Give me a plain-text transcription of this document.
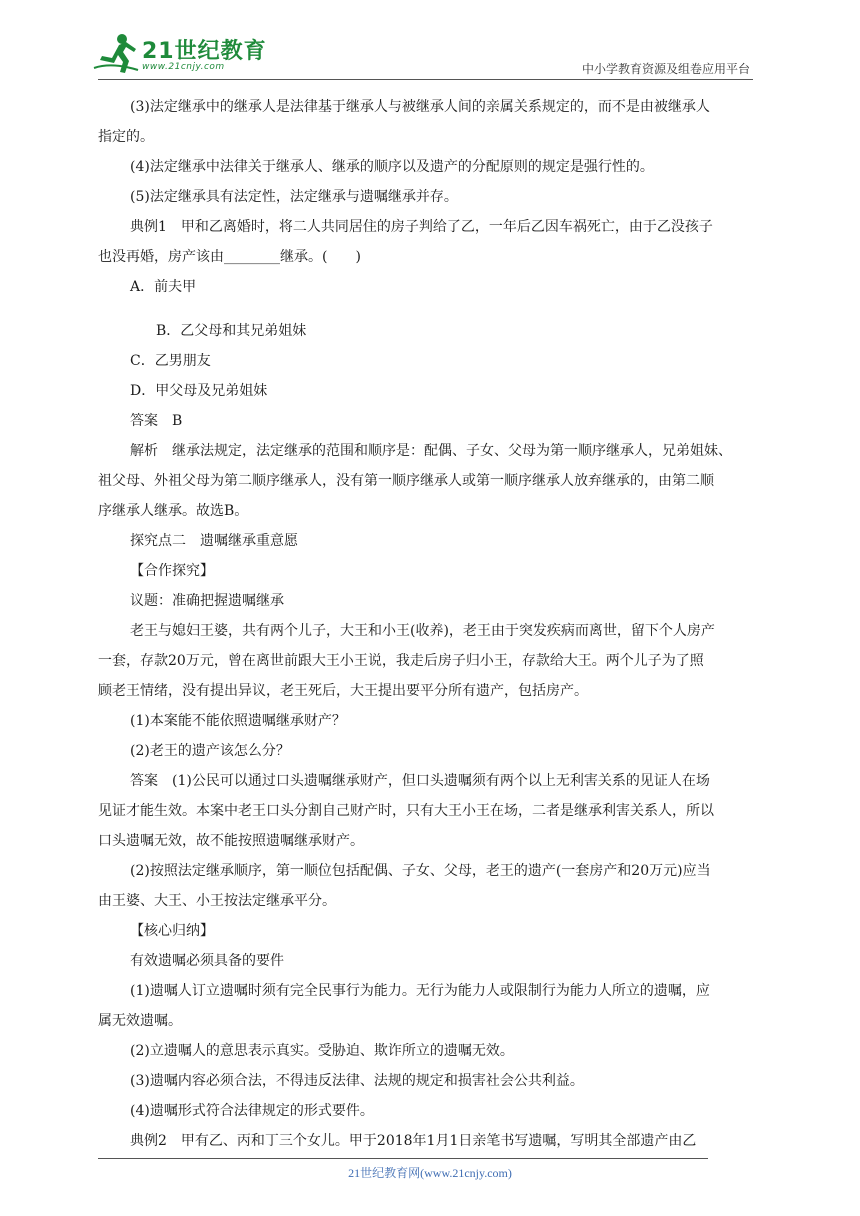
21世纪教育
www.21cnjy.com	中小学教育资源及组卷应用平台
(3)法定继承中的继承人是法律基于继承人与被继承人间的亲属关系规定的，而不是由被继承人
指定的。
(4)法定继承中法律关于继承人、继承的顺序以及遗产的分配原则的规定是强行性的。
(5)法定继承具有法定性，法定继承与遗嘱继承并存。
典例1　甲和乙离婚时，将二人共同居住的房子判给了乙，一年后乙因车祸死亡，由于乙没孩子
也没再婚，房产该由________继承。(　　)
A．前夫甲
B．乙父母和其兄弟姐妹
C．乙男朋友
D．甲父母及兄弟姐妹
答案　B
解析　继承法规定，法定继承的范围和顺序是：配偶、子女、父母为第一顺序继承人，兄弟姐妹、
祖父母、外祖父母为第二顺序继承人，没有第一顺序继承人或第一顺序继承人放弃继承的，由第二顺
序继承人继承。故选B。
探究点二　遗嘱继承重意愿
【合作探究】
议题：准确把握遗嘱继承
老王与媳妇王婆，共有两个儿子，大王和小王(收养)，老王由于突发疾病而离世，留下个人房产
一套，存款20万元，曾在离世前跟大王小王说，我走后房子归小王，存款给大王。两个儿子为了照
顾老王情绪，没有提出异议，老王死后，大王提出要平分所有遗产，包括房产。
(1)本案能不能依照遗嘱继承财产？
(2)老王的遗产该怎么分？
答案　(1)公民可以通过口头遗嘱继承财产，但口头遗嘱须有两个以上无利害关系的见证人在场
见证才能生效。本案中老王口头分割自己财产时，只有大王小王在场，二者是继承利害关系人，所以
口头遗嘱无效，故不能按照遗嘱继承财产。
(2)按照法定继承顺序，第一顺位包括配偶、子女、父母，老王的遗产(一套房产和20万元)应当
由王婆、大王、小王按法定继承平分。
【核心归纳】
有效遗嘱必须具备的要件
(1)遗嘱人订立遗嘱时须有完全民事行为能力。无行为能力人或限制行为能力人所立的遗嘱，应
属无效遗嘱。
(2)立遗嘱人的意思表示真实。受胁迫、欺诈所立的遗嘱无效。
(3)遗嘱内容必须合法，不得违反法律、法规的规定和损害社会公共利益。
(4)遗嘱形式符合法律规定的形式要件。
典例2　甲有乙、丙和丁三个女儿。甲于2018年1月1日亲笔书写遗嘱，写明其全部遗产由乙
21世纪教育网(www.21cnjy.com)
